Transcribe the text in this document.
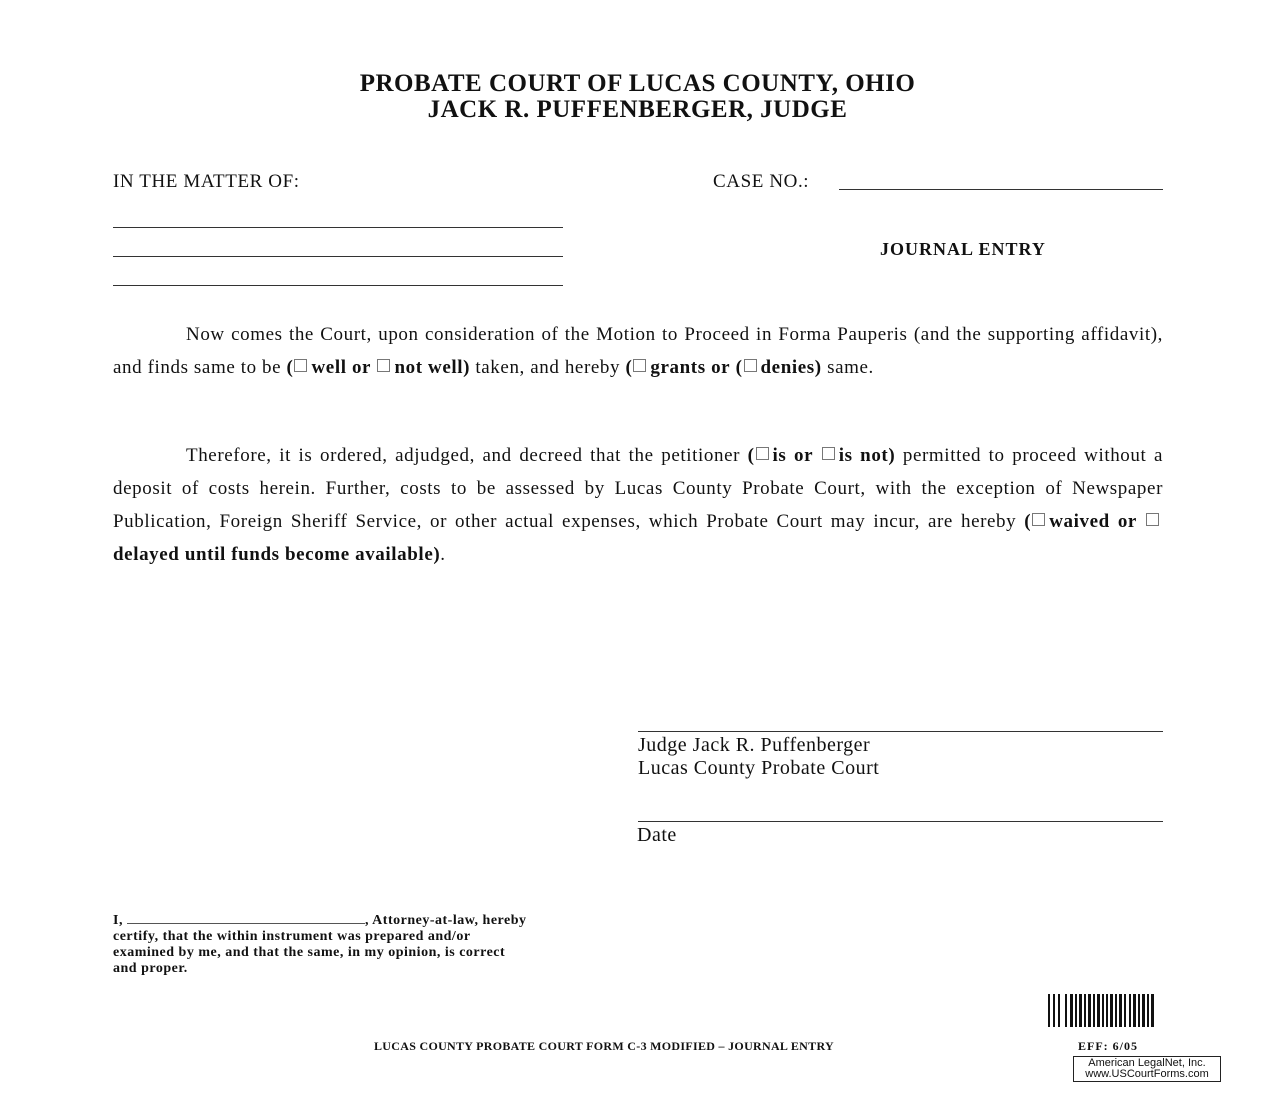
PROBATE COURT OF LUCAS COUNTY, OHIO
JACK R. PUFFENBERGER, JUDGE
IN THE MATTER OF:	CASE NO.:
JOURNAL ENTRY
Now comes the Court, upon consideration of the Motion to Proceed in Forma Pauperis (and the supporting affidavit), and finds same to be ( well or not well) taken, and hereby ( grants or ( denies) same.
Therefore, it is ordered, adjudged, and decreed that the petitioner ( is or is not) permitted to proceed without a deposit of costs herein. Further, costs to be assessed by Lucas County Probate Court, with the exception of Newspaper Publication, Foreign Sheriff Service, or other actual expenses, which Probate Court may incur, are hereby ( waived or delayed until funds become available).
Judge Jack R. Puffenberger
Lucas County Probate Court
Date
I,	, Attorney-at-law, hereby certify, that the within instrument was prepared and/or examined by me, and that the same, in my opinion, is correct and proper.
LUCAS COUNTY PROBATE COURT FORM C-3 MODIFIED – JOURNAL ENTRY	EFF: 6/05
American LegalNet, Inc.
www.USCourtForms.com
